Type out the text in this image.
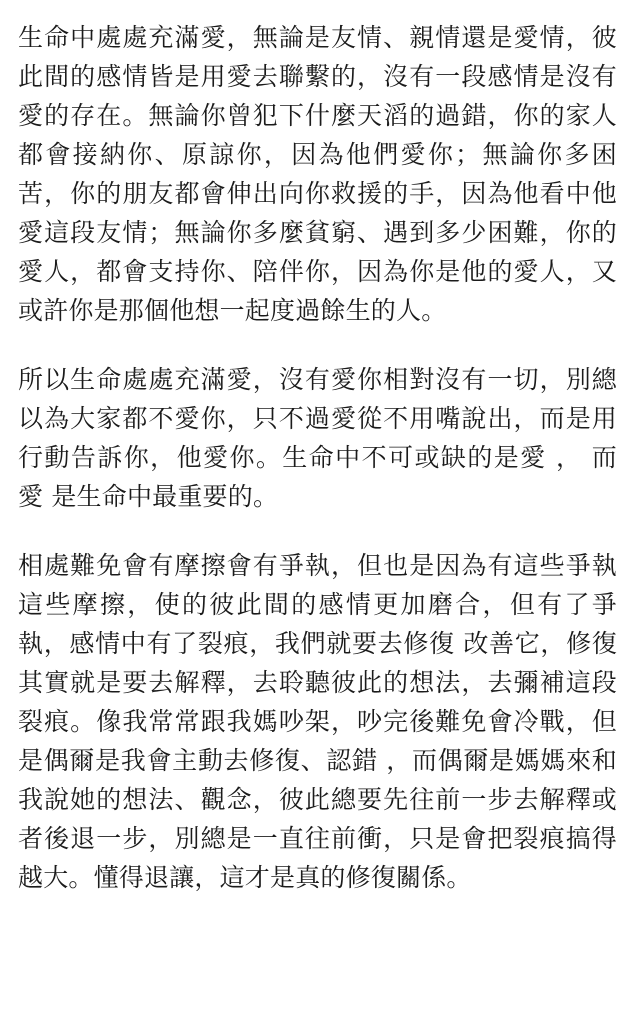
生命中處處充滿愛，無論是友情、親情還是愛情，彼此間的感情皆是用愛去聯繫的，沒有一段感情是沒有愛的存在。無論你曾犯下什麼天滔的過錯，你的家人都會接納你、原諒你，因為他們愛你；無論你多困苦，你的朋友都會伸出向你救援的手，因為他看中他愛這段友情；無論你多麼貧窮、遇到多少困難，你的愛人，都會支持你、陪伴你，因為你是他的愛人，又或許你是那個他想一起度過餘生的人。

所以生命處處充滿愛，沒有愛你相對沒有一切，別總以為大家都不愛你，只不過愛從不用嘴說出，而是用行動告訴你，他愛你。生命中不可或缺的是愛 ， 而 愛 是生命中最重要的。

相處難免會有摩擦會有爭執，但也是因為有這些爭執這些摩擦，使的彼此間的感情更加磨合，但有了爭執，感情中有了裂痕，我們就要去修復 改善它，修復其實就是要去解釋，去聆聽彼此的想法，去彌補這段裂痕。像我常常跟我媽吵架，吵完後難免會冷戰，但是偶爾是我會主動去修復、認錯 ，而偶爾是媽媽來和我說她的想法、觀念，彼此總要先往前一步去解釋或者後退一步，別總是一直往前衝，只是會把裂痕搞得越大。懂得退讓，這才是真的修復關係。
